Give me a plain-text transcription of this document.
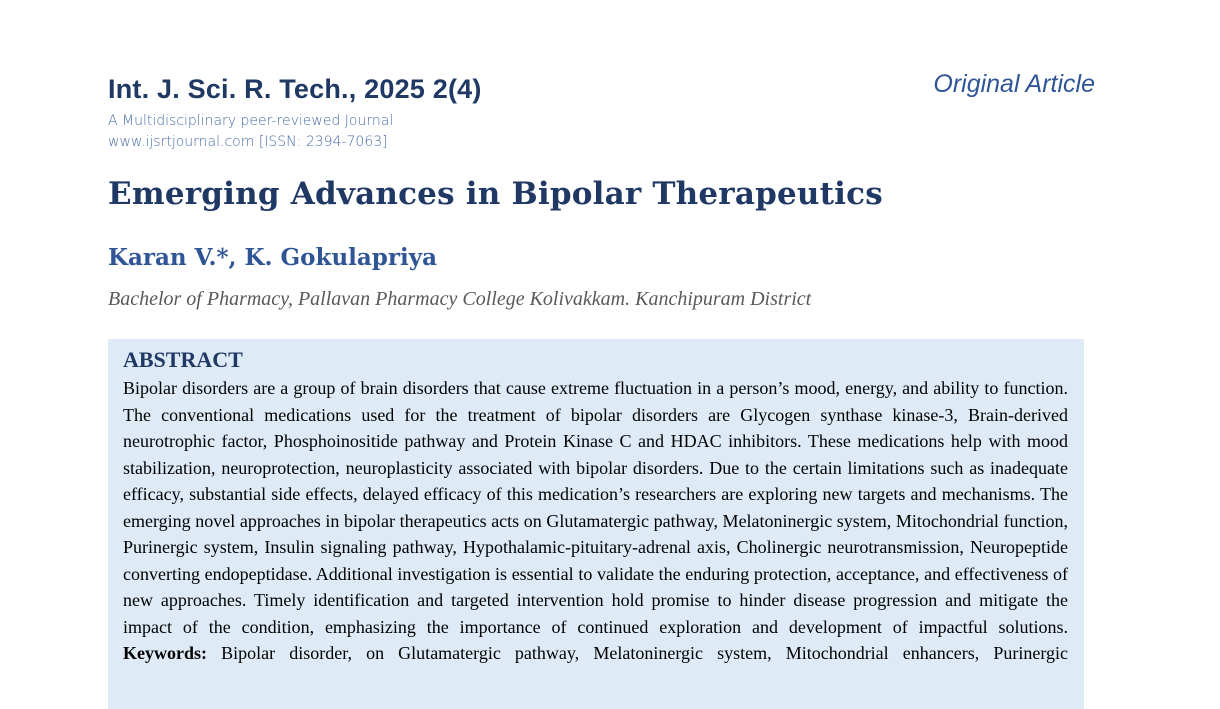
Int. J. Sci. R. Tech., 2025 2(4)
A Multidisciplinary peer-reviewed Journal
www.ijsrtjournal.com [ISSN: 2394-7063]
Original Article
Emerging Advances in Bipolar Therapeutics
Karan V.*, K. Gokulapriya
Bachelor of Pharmacy, Pallavan Pharmacy College Kolivakkam. Kanchipuram District
ABSTRACT
Bipolar disorders are a group of brain disorders that cause extreme fluctuation in a person’s mood, energy, and ability to function. The conventional medications used for the treatment of bipolar disorders are Glycogen synthase kinase-3, Brain-derived neurotrophic factor, Phosphoinositide pathway and Protein Kinase C and HDAC inhibitors. These medications help with mood stabilization, neuroprotection, neuroplasticity associated with bipolar disorders. Due to the certain limitations such as inadequate efficacy, substantial side effects, delayed efficacy of this medication’s researchers are exploring new targets and mechanisms. The emerging novel approaches in bipolar therapeutics acts on Glutamatergic pathway, Melatoninergic system, Mitochondrial function, Purinergic system, Insulin signaling pathway, Hypothalamic-pituitary-adrenal axis, Cholinergic neurotransmission, Neuropeptide converting endopeptidase. Additional investigation is essential to validate the enduring protection, acceptance, and effectiveness of new approaches. Timely identification and targeted intervention hold promise to hinder disease progression and mitigate the impact of the condition, emphasizing the importance of continued exploration and development of impactful solutions.
Keywords: Bipolar disorder, on Glutamatergic pathway, Melatoninergic system, Mitochondrial enhancers, Purinergic
